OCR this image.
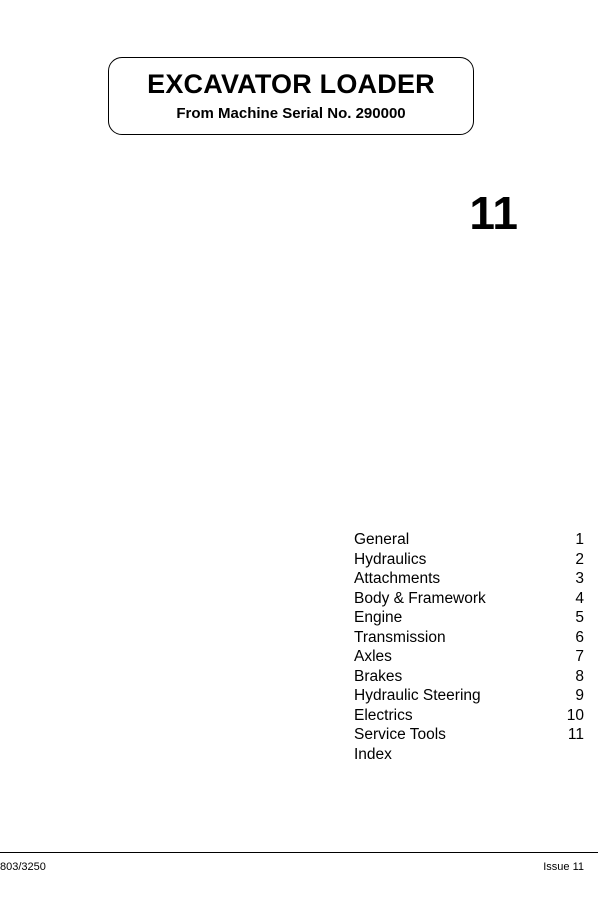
EXCAVATOR LOADER
From Machine Serial No. 290000
11
General	1
Hydraulics	2
Attachments	3
Body & Framework	4
Engine	5
Transmission	6
Axles	7
Brakes	8
Hydraulic Steering	9
Electrics	10
Service Tools	11
Index
803/3250	Issue 11
